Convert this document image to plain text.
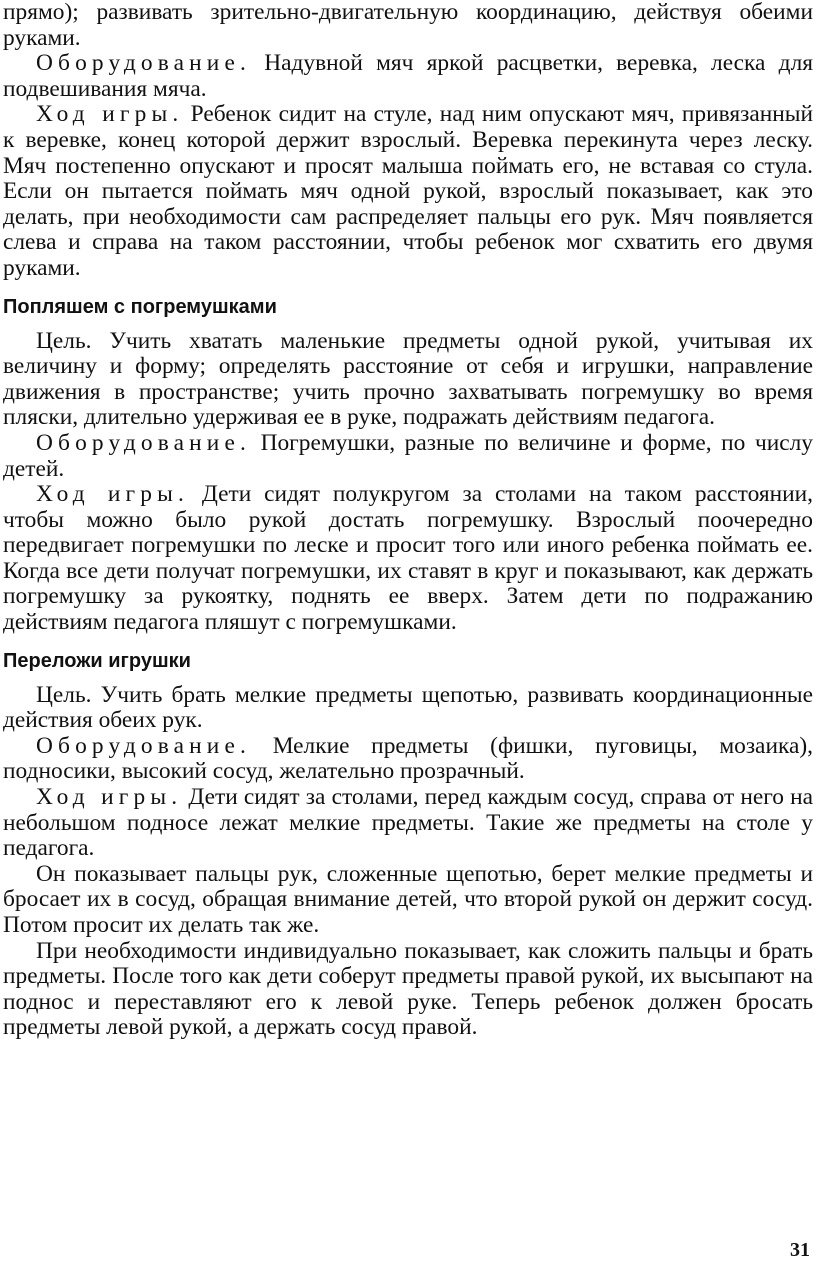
прямо); развивать зрительно-двигательную координацию, действуя обеими руками.

Оборудование. Надувной мяч яркой расцветки, веревка, леска для подвешивания мяча.

Ход игры. Ребенок сидит на стуле, над ним опускают мяч, привязанный к веревке, конец которой держит взрослый. Веревка перекинута через леску. Мяч постепенно опускают и просят малыша поймать его, не вставая со стула. Если он пытается поймать мяч одной рукой, взрослый показывает, как это делать, при необходимости сам распределяет пальцы его рук. Мяч появляется слева и справа на таком расстоянии, чтобы ребенок мог схватить его двумя руками.

Попляшем с погремушками

Цель. Учить хватать маленькие предметы одной рукой, учитывая их величину и форму; определять расстояние от себя и игрушки, направление движения в пространстве; учить прочно захватывать погремушку во время пляски, длительно удерживая ее в руке, подражать действиям педагога.

Оборудование. Погремушки, разные по величине и форме, по числу детей.

Ход игры. Дети сидят полукругом за столами на таком расстоянии, чтобы можно было рукой достать погремушку. Взрослый поочередно передвигает погремушки по леске и просит того или иного ребенка поймать ее. Когда все дети получат погремушки, их ставят в круг и показывают, как держать погремушку за рукоятку, поднять ее вверх. Затем дети по подражанию действиям педагога пляшут с погремушками.

Переложи игрушки

Цель. Учить брать мелкие предметы щепотью, развивать координационные действия обеих рук.

Оборудование. Мелкие предметы (фишки, пуговицы, мозаика), подносики, высокий сосуд, желательно прозрачный.

Ход игры. Дети сидят за столами, перед каждым сосуд, справа от него на небольшом подносе лежат мелкие предметы. Такие же предметы на столе у педагога.

Он показывает пальцы рук, сложенные щепотью, берет мелкие предметы и бросает их в сосуд, обращая внимание детей, что второй рукой он держит сосуд. Потом просит их делать так же.

При необходимости индивидуально показывает, как сложить пальцы и брать предметы. После того как дети соберут предметы правой рукой, их высыпают на поднос и переставляют его к левой руке. Теперь ребенок должен бросать предметы левой рукой, а держать сосуд правой.

31
